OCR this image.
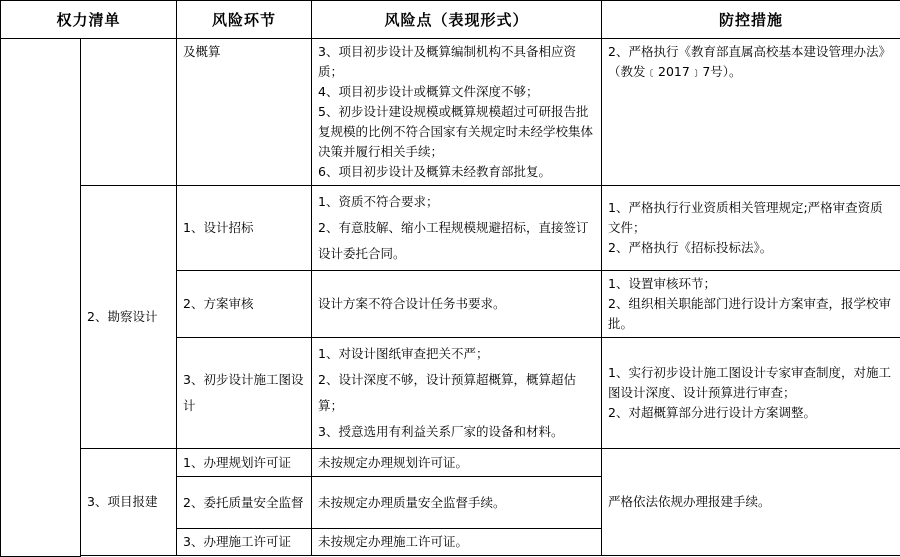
权力清单		风险环节	风险点（表现形式）	防控措施
		及概算	3、项目初步设计及概算编制机构不具备相应资质；
4、项目初步设计或概算文件深度不够；
5、初步设计建设规模或概算规模超过可研报告批复规模的比例不符合国家有关规定时未经学校集体决策并履行相关手续；
6、项目初步设计及概算未经教育部批复。	2、严格执行《教育部直属高校基本建设管理办法》（教发﹝2017﹞7号）。
	2、勘察设计	1、设计招标	1、资质不符合要求；
2、有意肢解、缩小工程规模规避招标，直接签订设计委托合同。	1、严格执行行业资质相关管理规定;严格审查资质文件；
2、严格执行《招标投标法》。
		2、方案审核	设计方案不符合设计任务书要求。	1、设置审核环节；
2、组织相关职能部门进行设计方案审查，报学校审批。
		3、初步设计施工图设计	1、对设计图纸审查把关不严；
2、设计深度不够，设计预算超概算，概算超估算；
3、授意选用有利益关系厂家的设备和材料。	1、实行初步设计施工图设计专家审查制度，对施工图设计深度、设计预算进行审查；
2、对超概算部分进行设计方案调整。
	3、项目报建	1、办理规划许可证	未按规定办理规划许可证。	严格依法依规办理报建手续。
		2、委托质量安全监督	未按规定办理质量安全监督手续。	
		3、办理施工许可证	未按规定办理施工许可证。	
